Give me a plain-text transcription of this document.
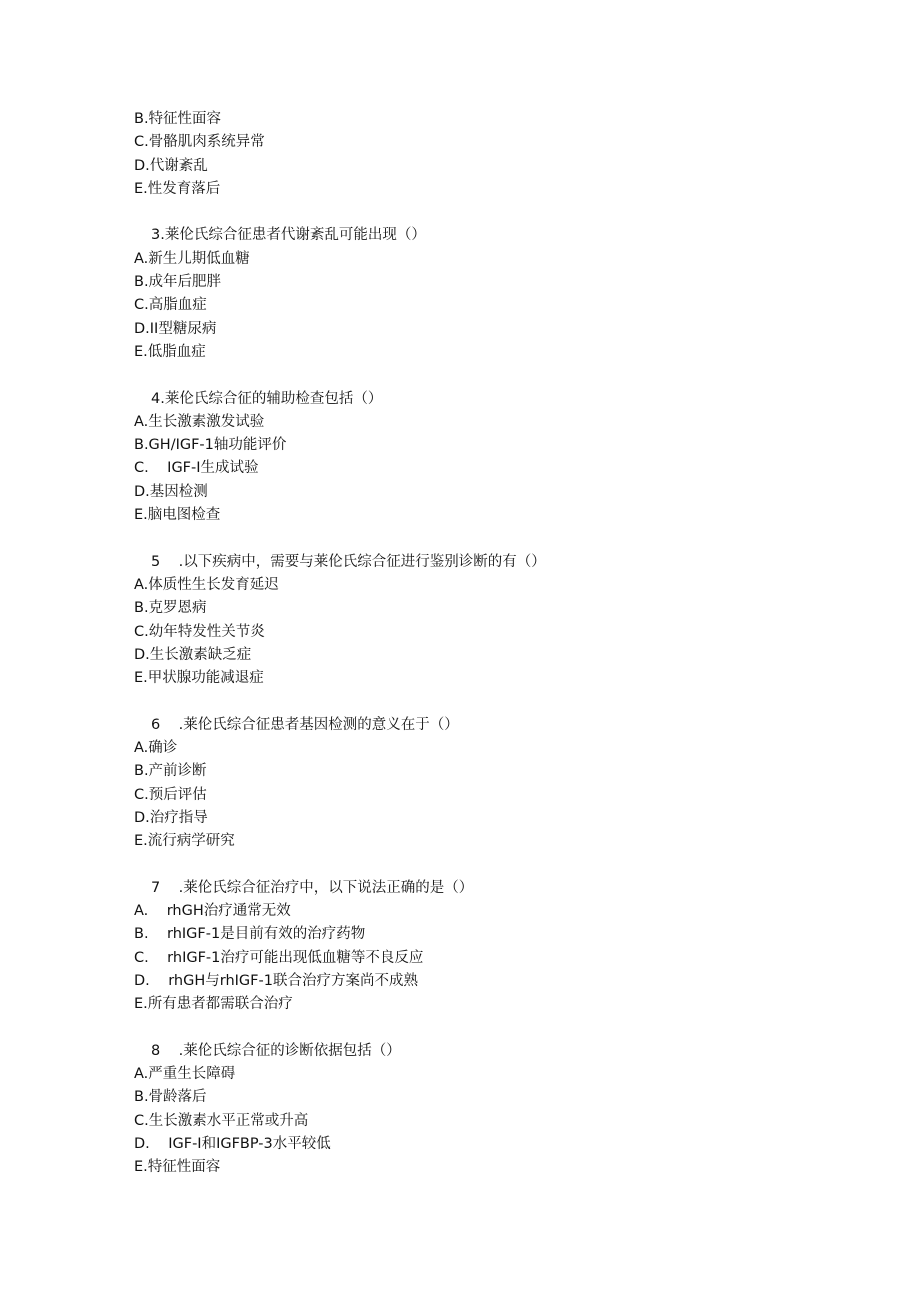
B.特征性面容
C.骨骼肌肉系统异常
D.代谢紊乱
E.性发育落后
3.莱伦氏综合征患者代谢紊乱可能出现（）
A.新生儿期低血糖
B.成年后肥胖
C.高脂血症
D.II型糖尿病
E.低脂血症
4.莱伦氏综合征的辅助检查包括（）
A.生长激素激发试验
B.GH/IGF-1轴功能评价
C.    IGF-I生成试验
D.基因检测
E.脑电图检查
5    .以下疾病中，需要与莱伦氏综合征进行鉴别诊断的有（）
A.体质性生长发育延迟
B.克罗恩病
C.幼年特发性关节炎
D.生长激素缺乏症
E.甲状腺功能减退症
6    .莱伦氏综合征患者基因检测的意义在于（）
A.确诊
B.产前诊断
C.预后评估
D.治疗指导
E.流行病学研究
7    .莱伦氏综合征治疗中，以下说法正确的是（）
A.    rhGH治疗通常无效
B.    rhIGF-1是目前有效的治疗药物
C.    rhIGF-1治疗可能出现低血糖等不良反应
D.    rhGH与rhIGF-1联合治疗方案尚不成熟
E.所有患者都需联合治疗
8    .莱伦氏综合征的诊断依据包括（）
A.严重生长障碍
B.骨龄落后
C.生长激素水平正常或升高
D.    IGF-I和IGFBP-3水平较低
E.特征性面容
